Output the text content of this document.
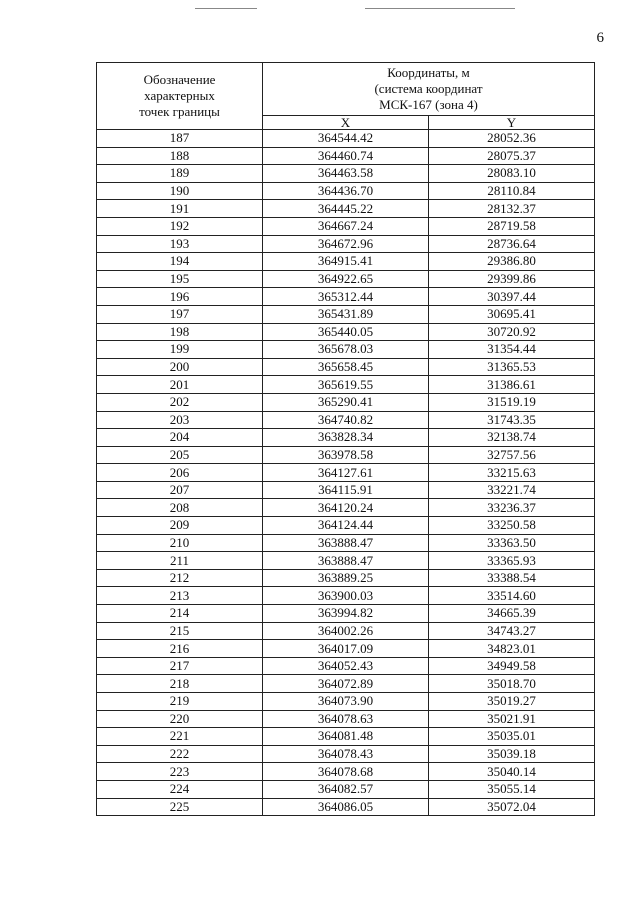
6
Обозначение
характерных
точек границы	Координаты, м
(система координат
МСК-167 (зона 4)	

	X	Y
187	364544.42	28052.36
188	364460.74	28075.37
189	364463.58	28083.10
190	364436.70	28110.84
191	364445.22	28132.37
192	364667.24	28719.58
193	364672.96	28736.64
194	364915.41	29386.80
195	364922.65	29399.86
196	365312.44	30397.44
197	365431.89	30695.41
198	365440.05	30720.92
199	365678.03	31354.44
200	365658.45	31365.53
201	365619.55	31386.61
202	365290.41	31519.19
203	364740.82	31743.35
204	363828.34	32138.74
205	363978.58	32757.56
206	364127.61	33215.63
207	364115.91	33221.74
208	364120.24	33236.37
209	364124.44	33250.58
210	363888.47	33363.50
211	363888.47	33365.93
212	363889.25	33388.54
213	363900.03	33514.60
214	363994.82	34665.39
215	364002.26	34743.27
216	364017.09	34823.01
217	364052.43	34949.58
218	364072.89	35018.70
219	364073.90	35019.27
220	364078.63	35021.91
221	364081.48	35035.01
222	364078.43	35039.18
223	364078.68	35040.14
224	364082.57	35055.14
225	364086.05	35072.04
